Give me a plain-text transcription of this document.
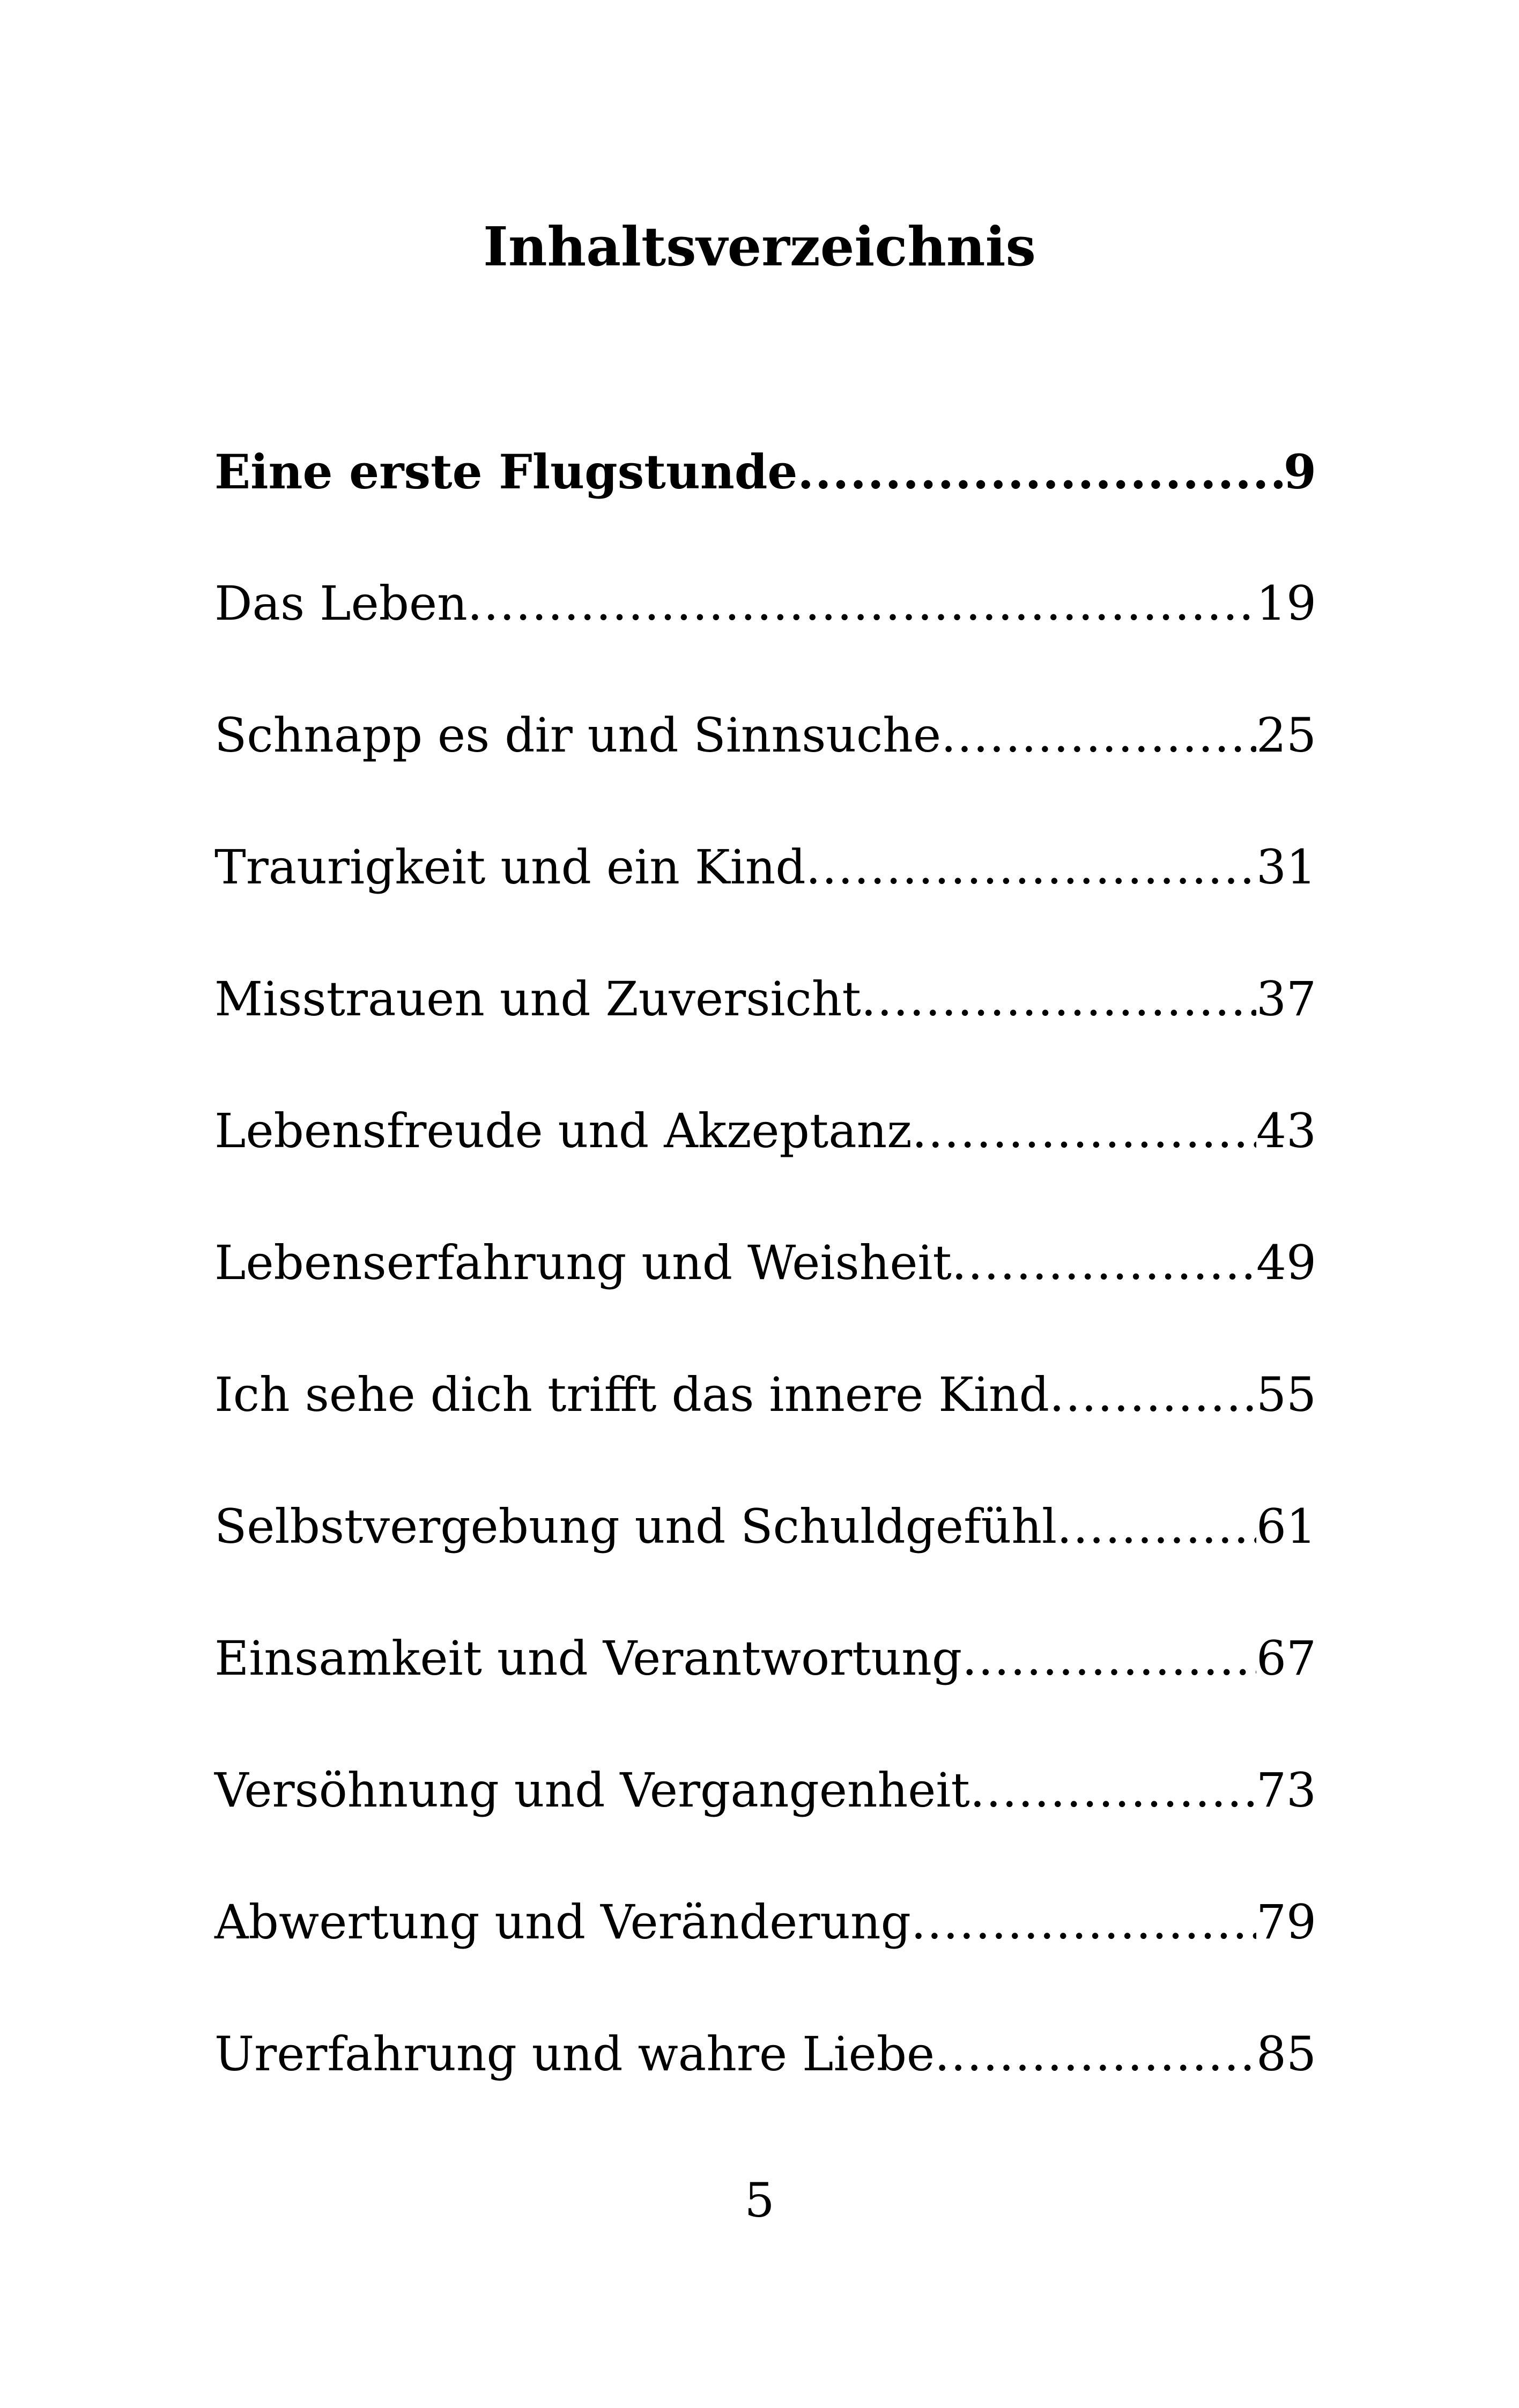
Inhaltsverzeichnis
Eine erste Flugstunde .....	9
Das Leben .....	19
Schnapp es dir und Sinnsuche .....	25
Traurigkeit und ein Kind .....	31
Misstrauen und Zuversicht .....	37
Lebensfreude und Akzeptanz .....	43
Lebenserfahrung und Weisheit .....	49
Ich sehe dich trifft das innere Kind .....	55
Selbstvergebung und Schuldgefühl .....	61
Einsamkeit und Verantwortung .....	67
Versöhnung und Vergangenheit .....	73
Abwertung und Veränderung .....	79
Urerfahrung und wahre Liebe .....	85
5
